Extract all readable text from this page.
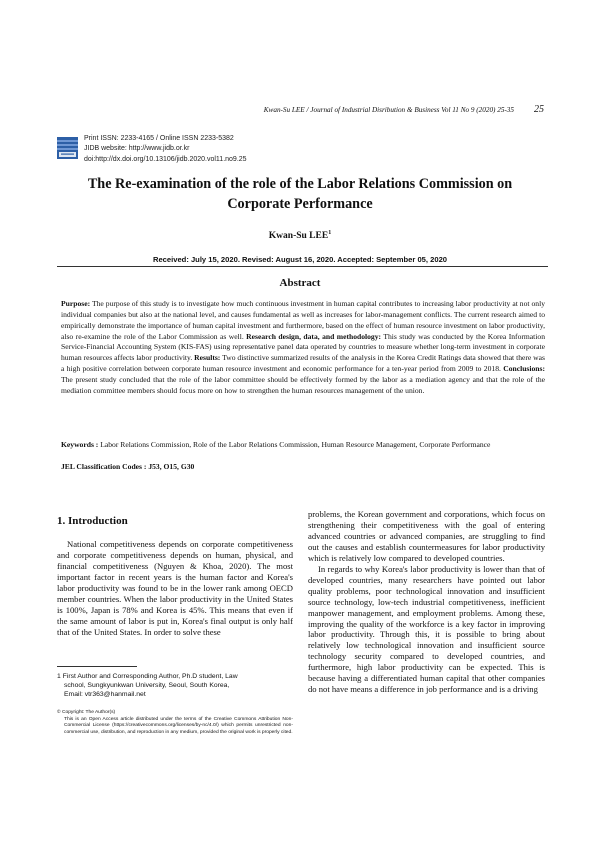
Kwan-Su LEE / Journal of Industrial Disribution & Business Vol 11 No 9 (2020) 25-35 25
Print ISSN: 2233-4165 / Online ISSN 2233-5382
JIDB website: http://www.jidb.or.kr
doi:http://dx.doi.org/10.13106/jidb.2020.vol11.no9.25
The Re-examination of the role of the Labor Relations Commission on
Corporate Performance
Kwan-Su LEE$^1$
Received: July 15, 2020. Revised: August 16, 2020. Accepted: September 05, 2020
Abstract
Purpose: The purpose of this study is to investigate how much continuous investment in human capital contributes to increasing labor productivity at not only individual companies but also at the national level, and causes fundamental as well as increases for labor-management conflicts. The current research aimed to empirically demonstrate the importance of human capital investment and furthermore, based on the effect of human resource investment on labor productivity, also re-examine the role of the Labor Commission as well. Research design, data, and methodology: This study was conducted by the Korea Information Service-Financial Accounting System (KIS-FAS) using representative panel data operated by countries to measure whether long-term investment in corporate human resources affects labor productivity. Results: Two distinctive summarized results of the analysis in the Korea Credit Ratings data showed that there was a high positive correlation between corporate human resource investment and economic performance for a ten-year period from 2009 to 2018. Conclusions: The present study concluded that the role of the labor committee should be effectively formed by the labor as a mediation agency and that the role of the mediation committee members should focus more on how to strengthen the human resources management of the union.
Keywords : Labor Relations Commission, Role of the Labor Relations Commission, Human Resource Management, Corporate Performance
JEL Classification Codes : J53, O15, G30
1. Introduction

National competitiveness depends on corporate competitiveness and corporate competitiveness depends on human, physical, and financial competitiveness (Nguyen & Khoa, 2020). The most important factor in recent years is the human factor and Korea's labor productivity was found to be in the lower rank among OECD member countries. When the labor productivity in the United States is 100%, Japan is 78% and Korea is 45%. This means that even if the same amount of labor is put in, Korea's final output is only half that of the United States. In order to solve these

problems, the Korean government and corporations, which focus on strengthening their competitiveness with the goal of entering advanced countries or advanced companies, are struggling to find out the causes and establish countermeasures for labor productivity which is relatively low compared to developed countries.

In regards to why Korea's labor productivity is lower than that of developed countries, many researchers have pointed out labor quality problems, poor technological innovation and insufficient source technology, low-tech industrial competitiveness, inefficient manpower management, and employment problems. Among these, improving the quality of the workforce is a key factor in improving labor productivity. Through this, it is possible to bring about relatively low technological innovation and insufficient source technology security compared to developed countries, and furthermore, high labor productivity can be expected. This is because having a differentiated human capital that other companies do not have means a difference in job performance and is a driving

1 First Author and Corresponding Author, Ph.D student, Law
school, Sungkyunkwan University, Seoul, South Korea,
Email: vtr363@hanmail.net
© Copyright: The Author(s)
This is an Open Access article distributed under the terms of the Creative Commons Attribution Non-Commercial License (https://creativecommons.org/licenses/by-nc/4.0/) which permits unrestricted non-commercial use, distribution, and reproduction in any medium, provided the original work is properly cited.
